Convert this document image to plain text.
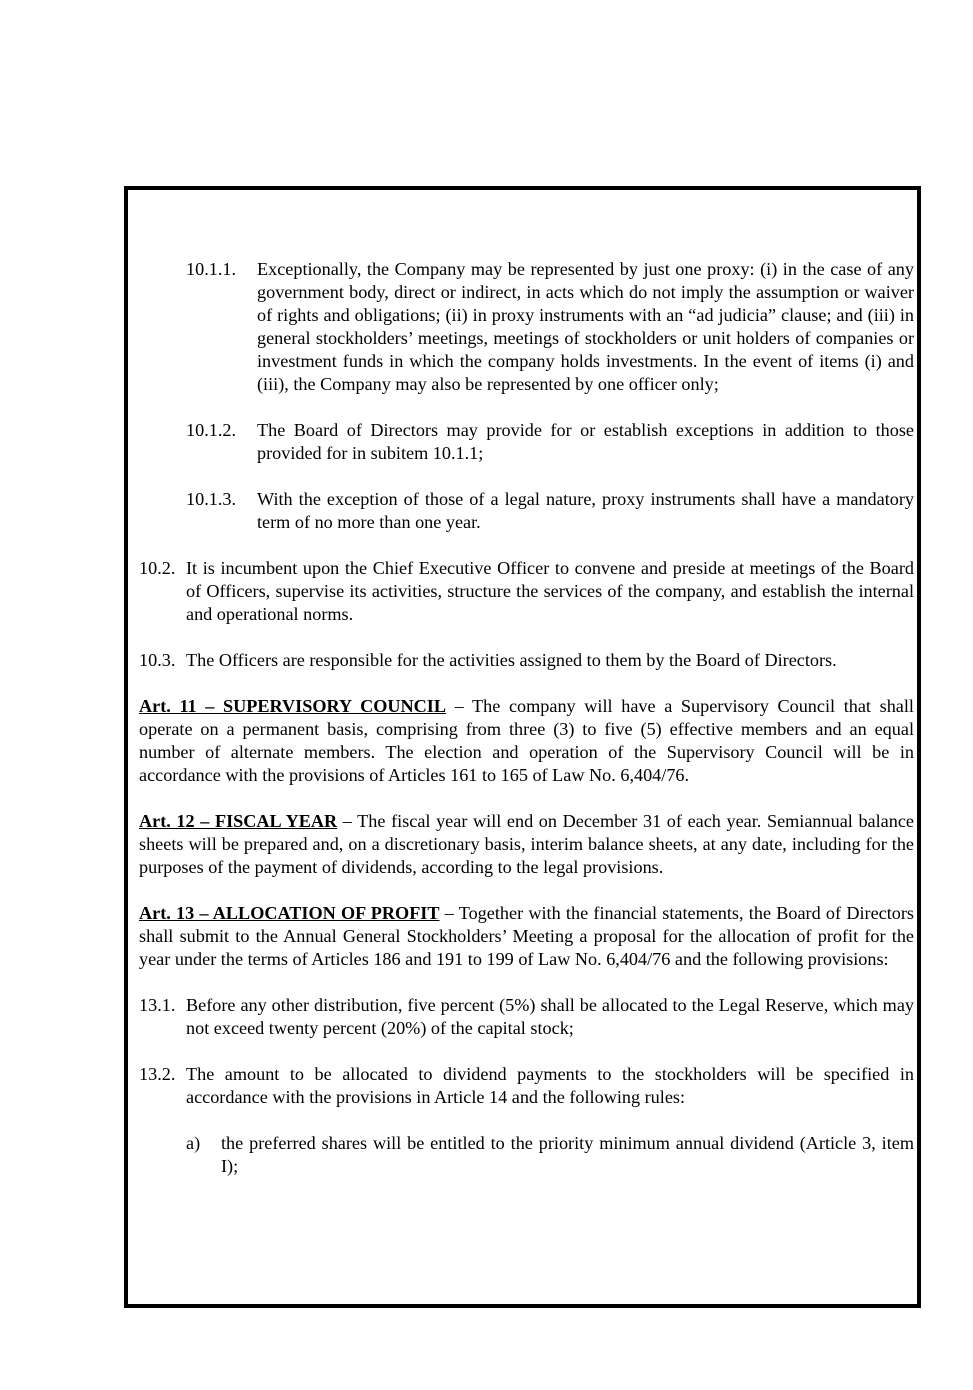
10.1.1. Exceptionally, the Company may be represented by just one proxy: (i) in the case of any government body, direct or indirect, in acts which do not imply the assumption or waiver of rights and obligations; (ii) in proxy instruments with an “ad judicia” clause; and (iii) in general stockholders’ meetings, meetings of stockholders or unit holders of companies or investment funds in which the company holds investments. In the event of items (i) and (iii), the Company may also be represented by one officer only;
10.1.2. The Board of Directors may provide for or establish exceptions in addition to those provided for in subitem 10.1.1;
10.1.3. With the exception of those of a legal nature, proxy instruments shall have a mandatory term of no more than one year.
10.2. It is incumbent upon the Chief Executive Officer to convene and preside at meetings of the Board of Officers, supervise its activities, structure the services of the company, and establish the internal and operational norms.
10.3. The Officers are responsible for the activities assigned to them by the Board of Directors.
Art. 11 – SUPERVISORY COUNCIL – The company will have a Supervisory Council that shall operate on a permanent basis, comprising from three (3) to five (5) effective members and an equal number of alternate members. The election and operation of the Supervisory Council will be in accordance with the provisions of Articles 161 to 165 of Law No. 6,404/76.
Art. 12 – FISCAL YEAR – The fiscal year will end on December 31 of each year. Semiannual balance sheets will be prepared and, on a discretionary basis, interim balance sheets, at any date, including for the purposes of the payment of dividends, according to the legal provisions.
Art. 13 – ALLOCATION OF PROFIT – Together with the financial statements, the Board of Directors shall submit to the Annual General Stockholders’ Meeting a proposal for the allocation of profit for the year under the terms of Articles 186 and 191 to 199 of Law No. 6,404/76 and the following provisions:
13.1. Before any other distribution, five percent (5%) shall be allocated to the Legal Reserve, which may not exceed twenty percent (20%) of the capital stock;
13.2. The amount to be allocated to dividend payments to the stockholders will be specified in accordance with the provisions in Article 14 and the following rules:
a) the preferred shares will be entitled to the priority minimum annual dividend (Article 3, item I);
